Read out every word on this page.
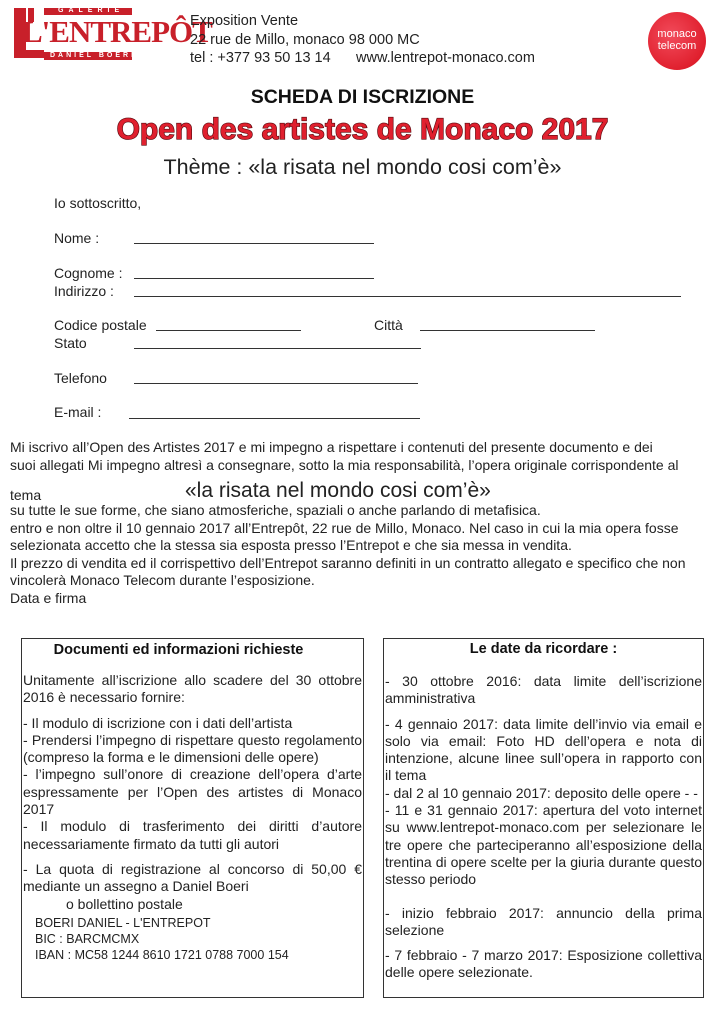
GALERIE
L'ENTREPÔT
DANIEL BOERI
Exposition Vente
22 rue de Millo, monaco 98 000 MC
tel : +377 93 50 13 14 www.lentrepot-monaco.com
monaco
telecom
SCHEDA DI ISCRIZIONE
Open des artistes de Monaco 2017
Thème : «la risata nel mondo cosi com’è»
Io sottoscritto,
Nome :
Cognome :
Indirizzo :
Codice postale	Città
Stato
Telefono
E-mail :
Mi iscrivo all’Open des Artistes 2017 e mi impegno a rispettare i contenuti del presente documento e dei
suoi allegati Mi impegno altresì a consegnare, sotto la mia responsabilità, l’opera originale corrispondente al
tema	«la risata nel mondo cosi com’è»
su tutte le sue forme, che siano atmosferiche, spaziali o anche parlando di metafisica.
entro e non oltre il 10 gennaio 2017 all’Entrepôt, 22 rue de Millo, Monaco. Nel caso in cui la mia opera fosse
selezionata accetto che la stessa sia esposta presso l’Entrepot e che sia messa in vendita.
Il prezzo di vendita ed il corrispettivo dell’Entrepot saranno definiti in un contratto allegato e specifico che non
vincolerà Monaco Telecom durante l’esposizione.
Data e firma
Documenti ed informazioni richieste
Unitamente all’iscrizione allo scadere del 30 ottobre 2016 è necessario fornire:
- Il modulo di iscrizione con i dati dell’artista
- Prendersi l’impegno di rispettare questo regolamento (compreso la forma e le dimensioni delle opere)
- l’impegno sull’onore di creazione dell’opera d’arte espressamente per l’Open des artistes di Monaco 2017
- Il modulo di trasferimento dei diritti d’autore necessariamente firmato da tutti gli autori
- La quota di registrazione al concorso di 50,00 € mediante un assegno a Daniel Boeri
o bollettino postale
BOERI DANIEL - L'ENTREPOT
BIC : BARCMCMX
IBAN : MC58 1244 8610 1721 0788 7000 154
Le date da ricordare :
- 30 ottobre 2016: data limite dell’iscrizione amministrativa
- 4 gennaio 2017: data limite dell’invio via email e solo via email: Foto HD dell’opera e nota di intenzione, alcune linee sull’opera in rapporto con il tema
- dal 2 al 10 gennaio 2017: deposito delle opere - -
- 11 e 31 gennaio 2017: apertura del voto internet su www.lentrepot-monaco.com per selezionare le tre opere che parteciperanno all’esposizione della trentina di opere scelte per la giuria durante questo stesso periodo
- inizio febbraio 2017: annuncio della prima selezione
- 7 febbraio - 7 marzo 2017: Esposizione collettiva delle opere selezionate.
